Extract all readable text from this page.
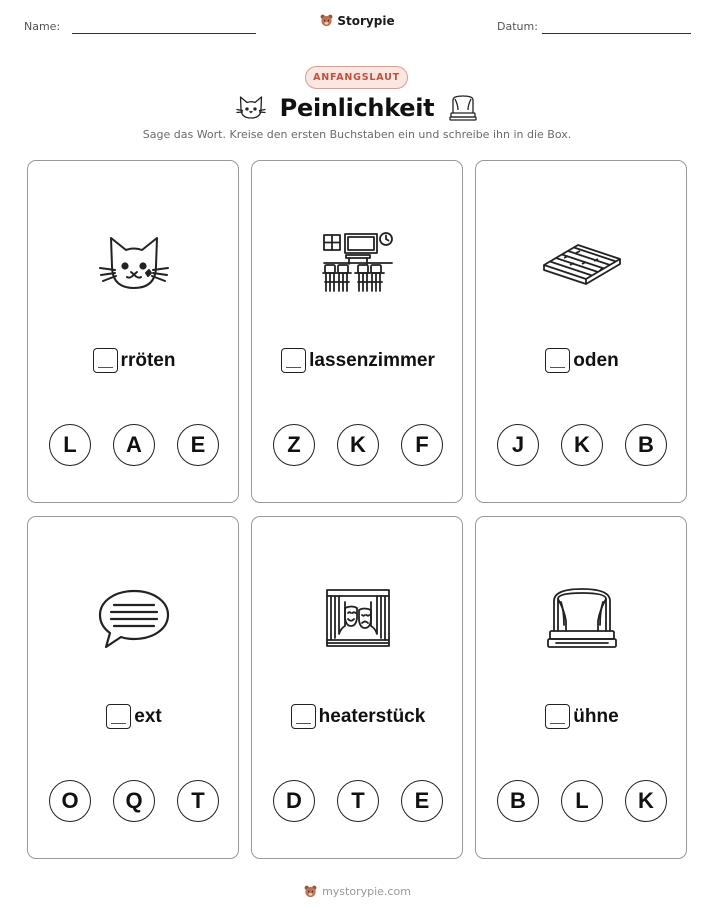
Name:	Datum:
Storypie
ANFANGSLAUT
Peinlichkeit
Sage das Wort. Kreise den ersten Buchstaben ein und schreibe ihn in die Box.
rröten
L	A	E
lassenzimmer
Z	K	F
oden
J	K	B
ext
O	Q	T
heaterstück
D	T	E
ühne
B	L	K
mystorypie.com
